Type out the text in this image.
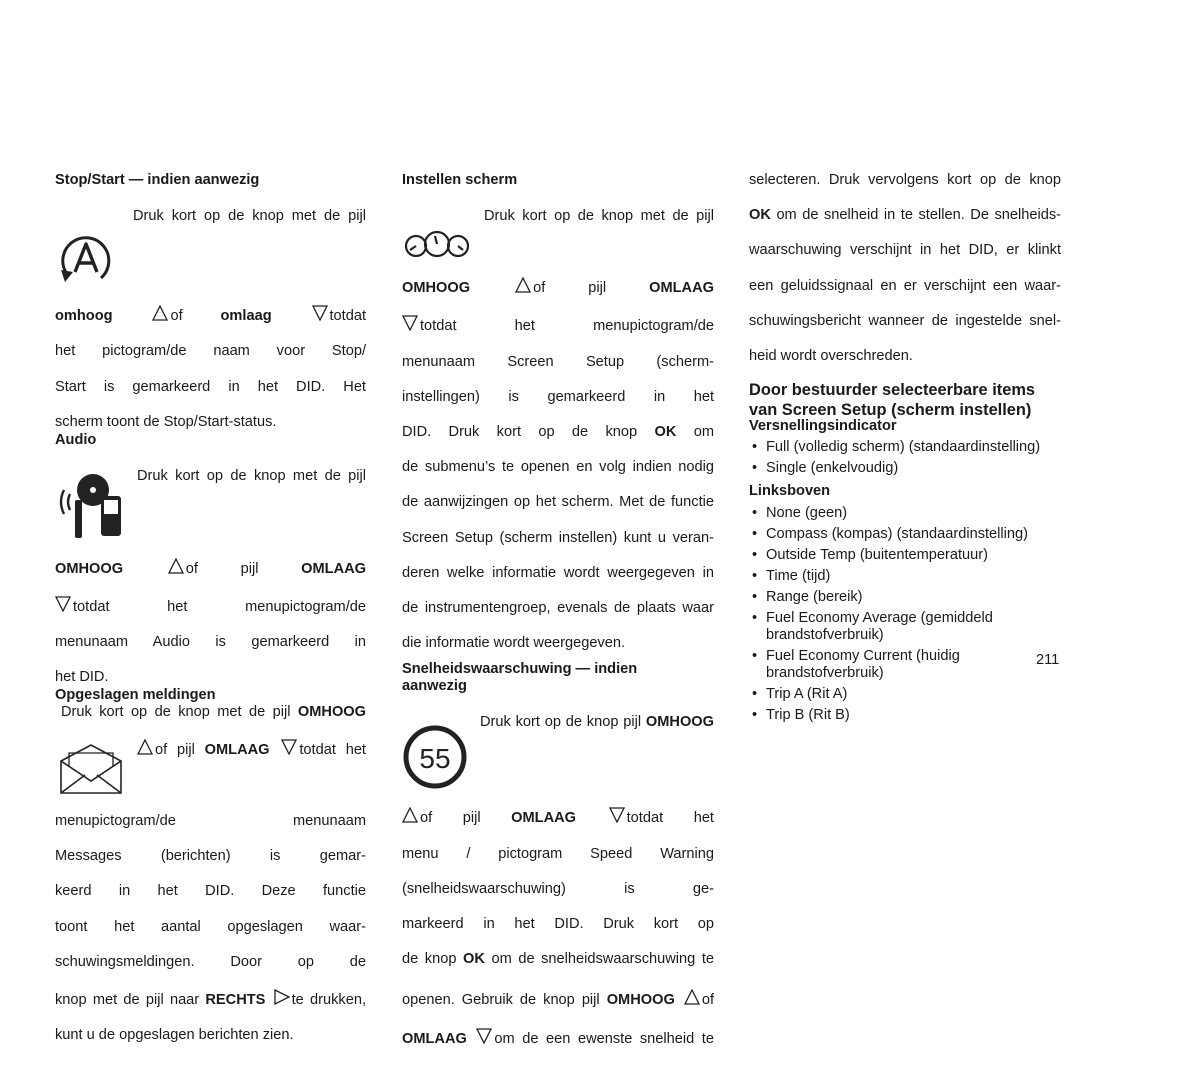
Stop/Start — indien aanwezig

Druk kort op de knop met de pijl

omhoog	of	omlaag	totdat

het pictogram/de naam voor Stop/

Start is gemarkeerd in het DID. Het

scherm toont de Stop/Start-status.

Audio

Druk kort op de knop met de pijl

OMHOOG	of pijl	OMLAAG

totdat het menupictogram/de

menunaam Audio is gemarkeerd in

het DID.

Opgeslagen meldingen

Druk kort op de knop met de pijl OMHOOG

of pijl OMLAAG totdat het

menupictogram/de menunaam

Messages (berichten) is gemar-

keerd in het DID. Deze functie

toont het aantal opgeslagen waar-

schuwingsmeldingen. Door op de

knop met de pijl naar RECHTS te drukken,

kunt u de opgeslagen berichten zien.

Instellen scherm

Druk kort op de knop met de pijl

OMHOOG	of pijl	OMLAAG

totdat het menupictogram/de

menunaam Screen Setup (scherm-

instellingen) is gemarkeerd in het

DID. Druk kort op de knop OK om

de submenu’s te openen en volg indien nodig

de aanwijzingen op het scherm. Met de functie

Screen Setup (scherm instellen) kunt u veran-

deren welke informatie wordt weergegeven in

de instrumentengroep, evenals de plaats waar

die informatie wordt weergegeven.

Snelheidswaarschuwing — indien

aanwezig

55

Druk kort op de knop pijl OMHOOG

of pijl OMLAAG	totdat het

menu / pictogram Speed Warning

(snelheidswaarschuwing) is ge-

markeerd in het DID. Druk kort op

de knop OK om de snelheidswaarschuwing te

openen. Gebruik de knop pijl OMHOOG of

OMLAAG om de een ewenste snelheid te

selecteren. Druk vervolgens kort op de knop

OK om de snelheid in te stellen. De snelheids-

waarschuwing verschijnt in het DID, er klinkt

een geluidssignaal en er verschijnt een waar-

schuwingsbericht wanneer de ingestelde snel-

heid wordt overschreden.

Door bestuurder selecteerbare items

van Screen Setup (scherm instellen)

Versnellingsindicator

• Full (volledig scherm) (standaardinstelling)
• Single (enkelvoudig)

Linksboven

• None (geen)
• Compass (kompas) (standaardinstelling)
• Outside Temp (buitentemperatuur)
• Time (tijd)
• Range (bereik)
• Fuel Economy Average (gemiddeld brandstofverbruik)
• Fuel Economy Current (huidig brandstofverbruik)
• Trip A (Rit A)
• Trip B (Rit B)
211
